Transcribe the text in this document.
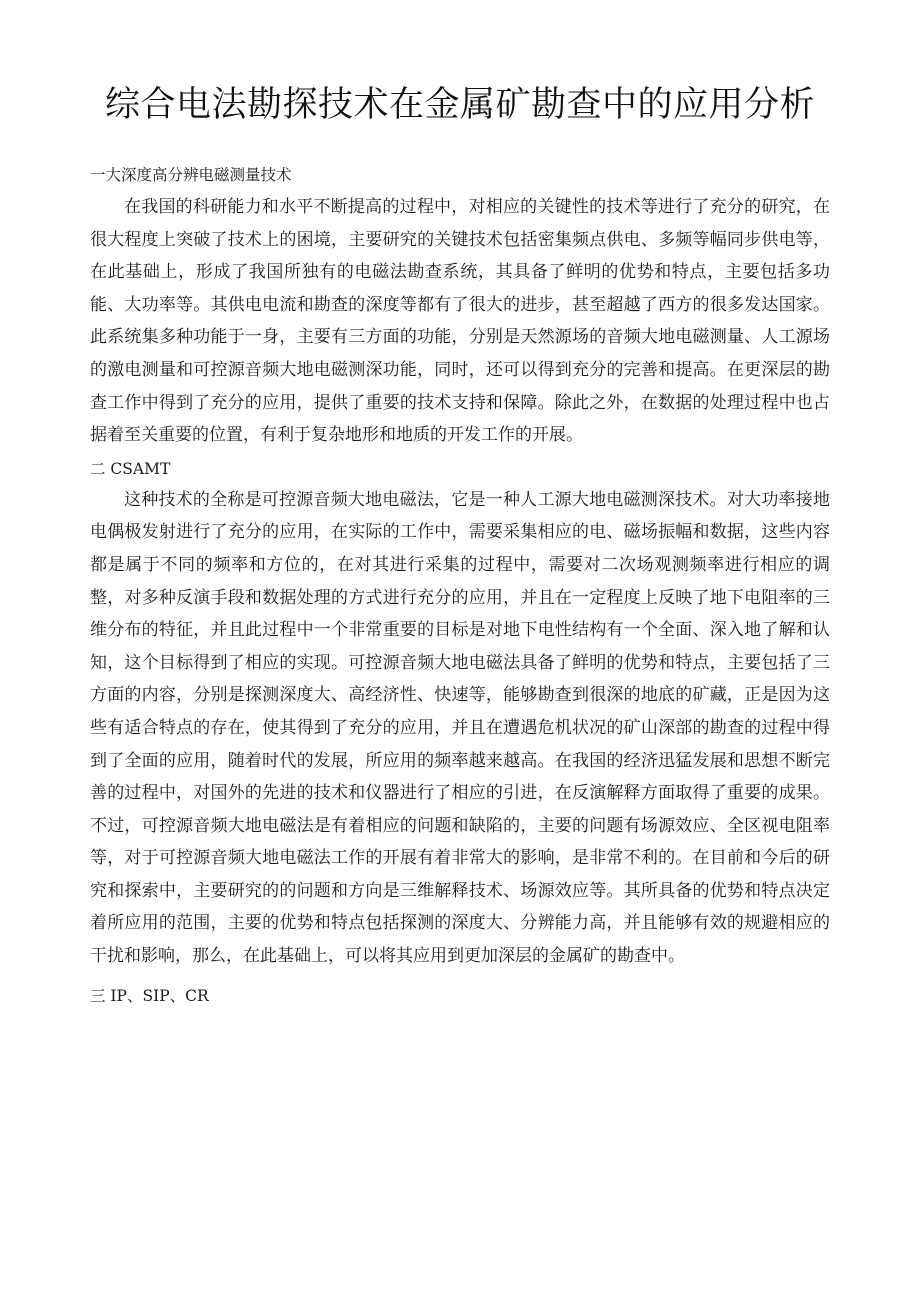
综合电法勘探技术在金属矿勘查中的应用分析
一大深度高分辨电磁测量技术

在我国的科研能力和水平不断提高的过程中，对相应的关键性的技术等进行了充分的研究，在很大程度上突破了技术上的困境，主要研究的关键技术包括密集频点供电、多频等幅同步供电等，在此基础上，形成了我国所独有的电磁法勘查系统，其具备了鲜明的优势和特点，主要包括多功能、大功率等。其供电电流和勘查的深度等都有了很大的进步，甚至超越了西方的很多发达国家。此系统集多种功能于一身，主要有三方面的功能，分别是天然源场的音频大地电磁测量、人工源场的激电测量和可控源音频大地电磁测深功能，同时，还可以得到充分的完善和提高。在更深层的勘查工作中得到了充分的应用，提供了重要的技术支持和保障。除此之外，在数据的处理过程中也占据着至关重要的位置，有利于复杂地形和地质的开发工作的开展。

二 CSAMT

这种技术的全称是可控源音频大地电磁法，它是一种人工源大地电磁测深技术。对大功率接地电偶极发射进行了充分的应用，在实际的工作中，需要采集相应的电、磁场振幅和数据，这些内容都是属于不同的频率和方位的，在对其进行采集的过程中，需要对二次场观测频率进行相应的调整，对多种反演手段和数据处理的方式进行充分的应用，并且在一定程度上反映了地下电阻率的三维分布的特征，并且此过程中一个非常重要的目标是对地下电性结构有一个全面、深入地了解和认知，这个目标得到了相应的实现。可控源音频大地电磁法具备了鲜明的优势和特点，主要包括了三方面的内容，分别是探测深度大、高经济性、快速等，能够勘查到很深的地底的矿藏，正是因为这些有适合特点的存在，使其得到了充分的应用，并且在遭遇危机状况的矿山深部的勘查的过程中得到了全面的应用，随着时代的发展，所应用的频率越来越高。在我国的经济迅猛发展和思想不断完善的过程中，对国外的先进的技术和仪器进行了相应的引进，在反演解释方面取得了重要的成果。不过，可控源音频大地电磁法是有着相应的问题和缺陷的，主要的问题有场源效应、全区视电阻率等，对于可控源音频大地电磁法工作的开展有着非常大的影响，是非常不利的。在目前和今后的研究和探索中，主要研究的的问题和方向是三维解释技术、场源效应等。其所具备的优势和特点决定着所应用的范围，主要的优势和特点包括探测的深度大、分辨能力高，并且能够有效的规避相应的干扰和影响，那么，在此基础上，可以将其应用到更加深层的金属矿的勘查中。

三 IP、SIP、CR
